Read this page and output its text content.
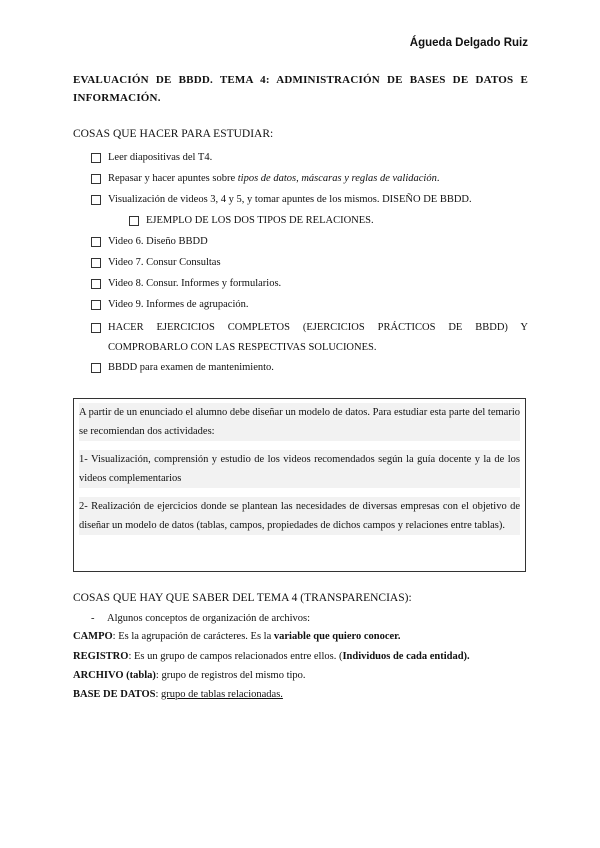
Águeda Delgado Ruiz
EVALUACIÓN DE BBDD. TEMA 4: ADMINISTRACIÓN DE BASES DE DATOS E INFORMACIÓN.
COSAS QUE HACER PARA ESTUDIAR:
Leer diapositivas del T4.
Repasar y hacer apuntes sobre tipos de datos, máscaras y reglas de validación.
Visualización de videos 3, 4 y 5, y tomar apuntes de los mismos. DISEÑO DE BBDD.
EJEMPLO DE LOS DOS TIPOS DE RELACIONES.
Video 6. Diseño BBDD
Video 7. Consur Consultas
Video 8. Consur. Informes y formularios.
Video 9. Informes de agrupación.
HACER EJERCICIOS COMPLETOS (EJERCICIOS PRÁCTICOS DE BBDD) Y COMPROBARLO CON LAS RESPECTIVAS SOLUCIONES.
BBDD para examen de mantenimiento.

A partir de un enunciado el alumno debe diseñar un modelo de datos. Para estudiar esta parte del temario se recomiendan dos actividades:

1- Visualización, comprensión y estudio de los videos recomendados según la guía docente y la de los videos complementarios

2- Realización de ejercicios donde se plantean las necesidades de diversas empresas con el objetivo de diseñar un modelo de datos (tablas, campos, propiedades de dichos campos y relaciones entre tablas).

COSAS QUE HAY QUE SABER DEL TEMA 4 (TRANSPARENCIAS):
- Algunos conceptos de organización de archivos:
CAMPO: Es la agrupación de carácteres. Es la variable que quiero conocer.
REGISTRO: Es un grupo de campos relacionados entre ellos. (Individuos de cada entidad).
ARCHIVO (tabla): grupo de registros del mismo tipo.
BASE DE DATOS: grupo de tablas relacionadas.
